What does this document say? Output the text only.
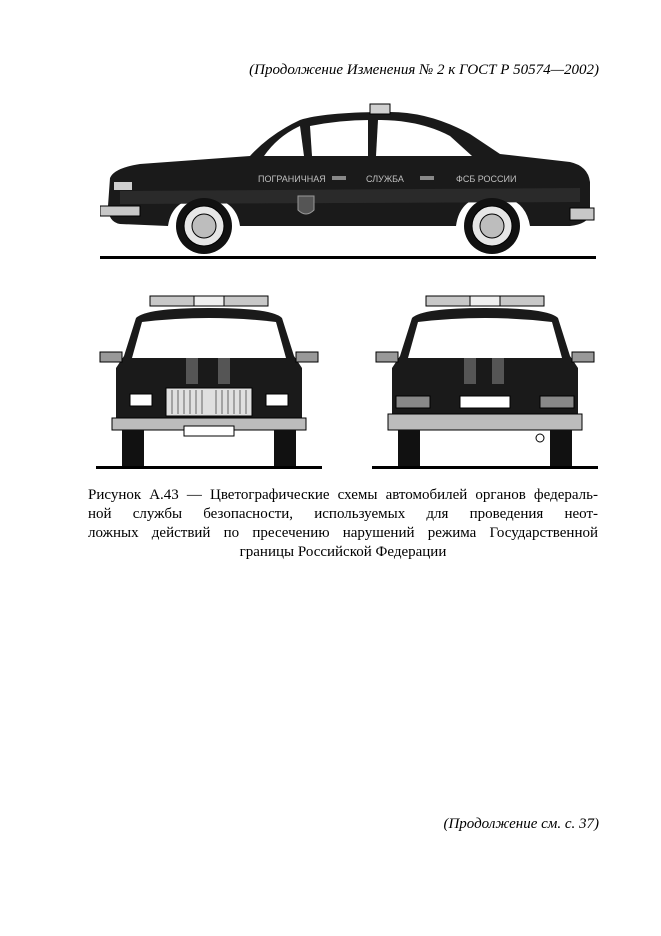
(Продолжение Изменения № 2 к ГОСТ Р 50574—2002)
ПОГРАНИЧНАЯ	СЛУЖБА	ФСБ РОССИИ
Рисунок А.43 — Цветографические схемы автомобилей органов федераль-
ной службы безопасности, используемых для проведения неот-
ложных действий по пресечению нарушений режима Государственной
границы Российской Федерации
(Продолжение см. с. 37)
